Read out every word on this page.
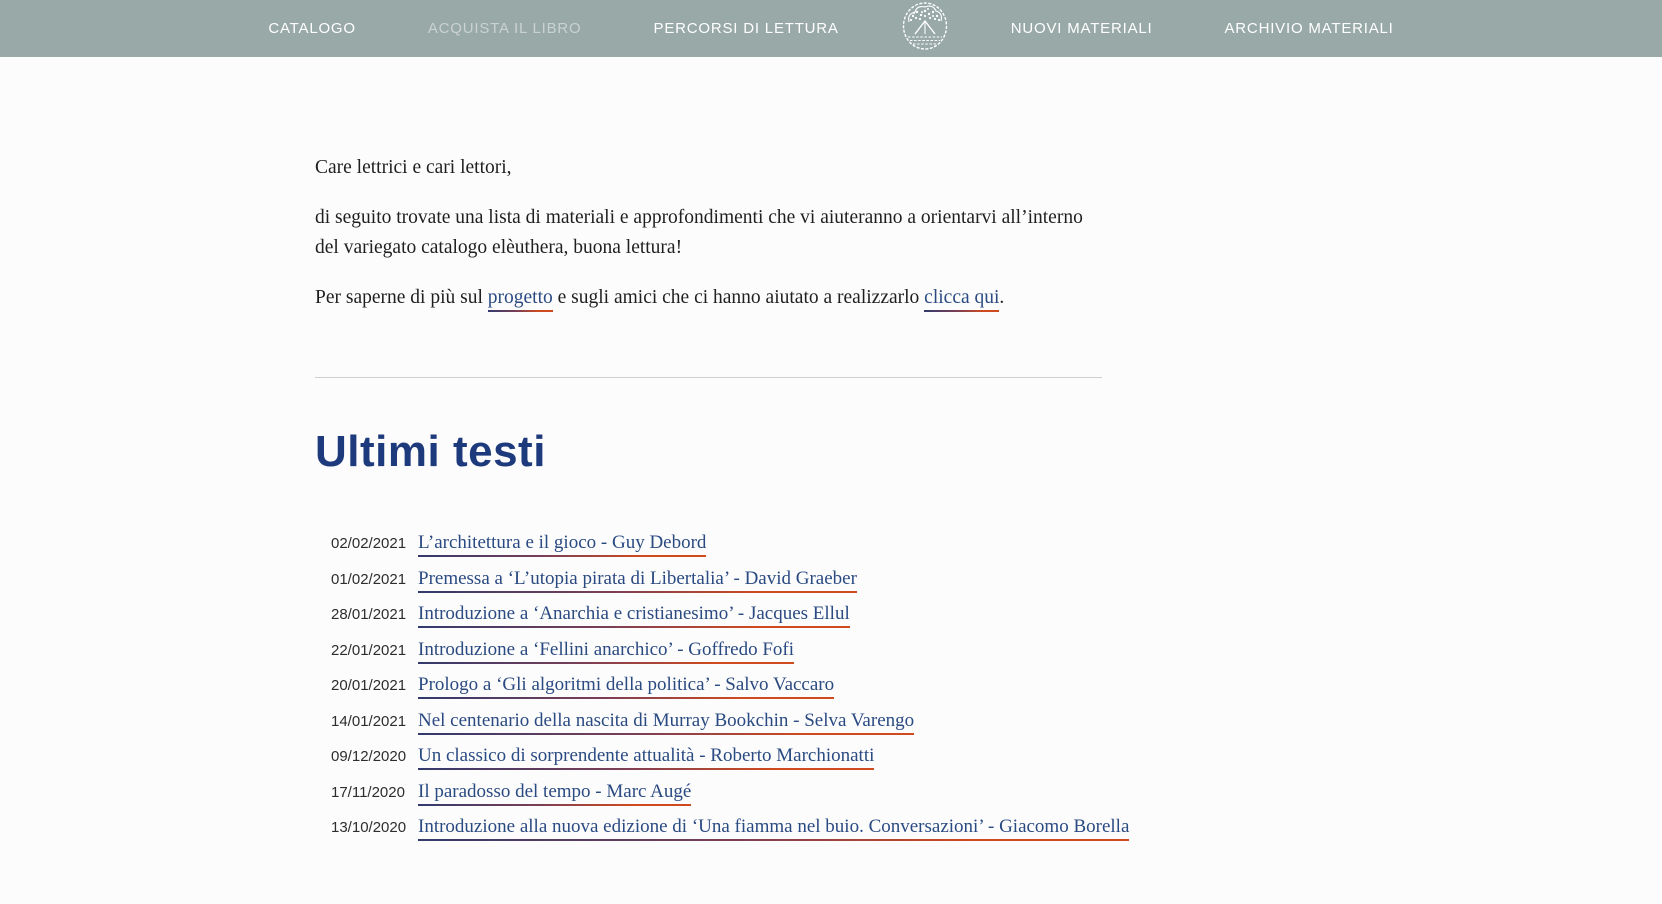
CATALOGO	ACQUISTA IL LIBRO	PERCORSI DI LETTURA	NUOVI MATERIALI	ARCHIVIO MATERIALI

Care lettrici e cari lettori,

di seguito trovate una lista di materiali e approfondimenti che vi aiuteranno a orientarvi all’interno del variegato catalogo elèuthera, buona lettura!

Per saperne di più sul progetto e sugli amici che ci hanno aiutato a realizzarlo clicca qui.

Ultimi testi
02/02/2021 L’architettura e il gioco - Guy Debord
01/02/2021 Premessa a ‘L’utopia pirata di Libertalia’ - David Graeber
28/01/2021 Introduzione a ‘Anarchia e cristianesimo’ - Jacques Ellul
22/01/2021 Introduzione a ‘Fellini anarchico’ - Goffredo Fofi
20/01/2021 Prologo a ‘Gli algoritmi della politica’ - Salvo Vaccaro
14/01/2021 Nel centenario della nascita di Murray Bookchin - Selva Varengo
09/12/2020 Un classico di sorprendente attualità - Roberto Marchionatti
17/11/2020 Il paradosso del tempo - Marc Augé
13/10/2020 Introduzione alla nuova edizione di ‘Una fiamma nel buio. Conversazioni’ - Giacomo Borella
